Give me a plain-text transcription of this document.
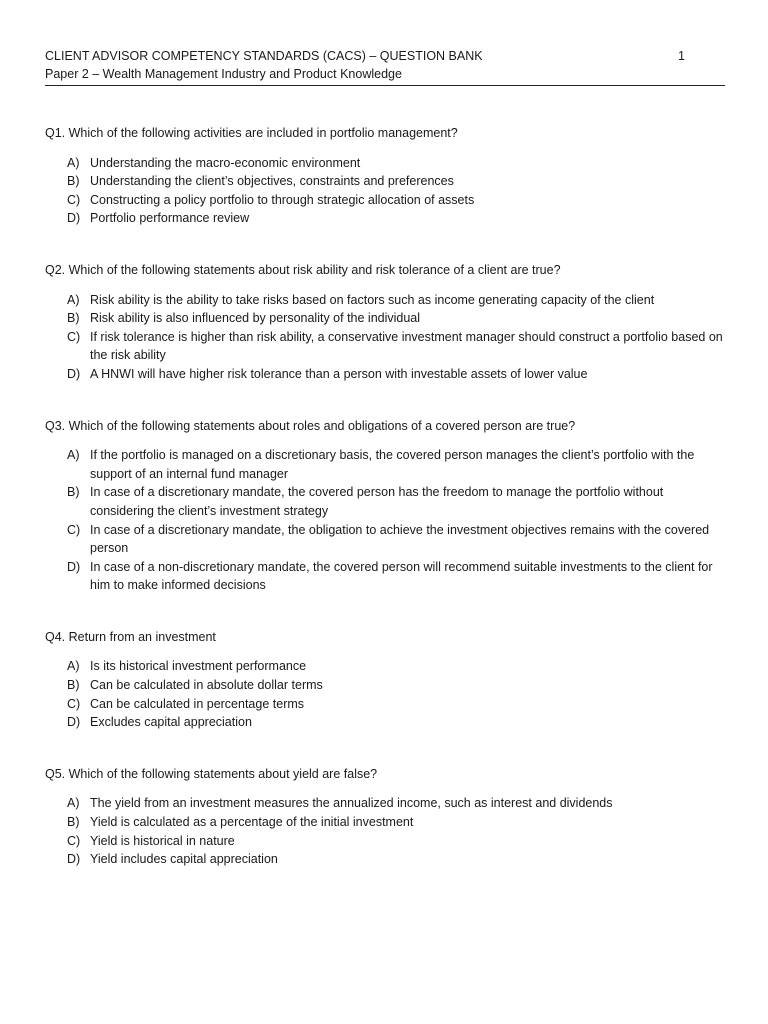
CLIENT ADVISOR COMPETENCY STANDARDS (CACS) – QUESTION BANK
Paper 2 – Wealth Management Industry and Product Knowledge
1

Q1. Which of the following activities are included in portfolio management?

A) Understanding the macro-economic environment
B) Understanding the client’s objectives, constraints and preferences
C) Constructing a policy portfolio to through strategic allocation of assets
D) Portfolio performance review

Q2. Which of the following statements about risk ability and risk tolerance of a client are true?

A) Risk ability is the ability to take risks based on factors such as income generating capacity of the client
B) Risk ability is also influenced by personality of the individual
C) If risk tolerance is higher than risk ability, a conservative investment manager should construct a portfolio based on the risk ability
D) A HNWI will have higher risk tolerance than a person with investable assets of lower value

Q3. Which of the following statements about roles and obligations of a covered person are true?

A) If the portfolio is managed on a discretionary basis, the covered person manages the client’s portfolio with the support of an internal fund manager
B) In case of a discretionary mandate, the covered person has the freedom to manage the portfolio without considering the client’s investment strategy
C) In case of a discretionary mandate, the obligation to achieve the investment objectives remains with the covered person
D) In case of a non-discretionary mandate, the covered person will recommend suitable investments to the client for him to make informed decisions

Q4. Return from an investment

A) Is its historical investment performance
B) Can be calculated in absolute dollar terms
C) Can be calculated in percentage terms
D) Excludes capital appreciation

Q5. Which of the following statements about yield are false?

A) The yield from an investment measures the annualized income, such as interest and dividends
B) Yield is calculated as a percentage of the initial investment
C) Yield is historical in nature
D) Yield includes capital appreciation
